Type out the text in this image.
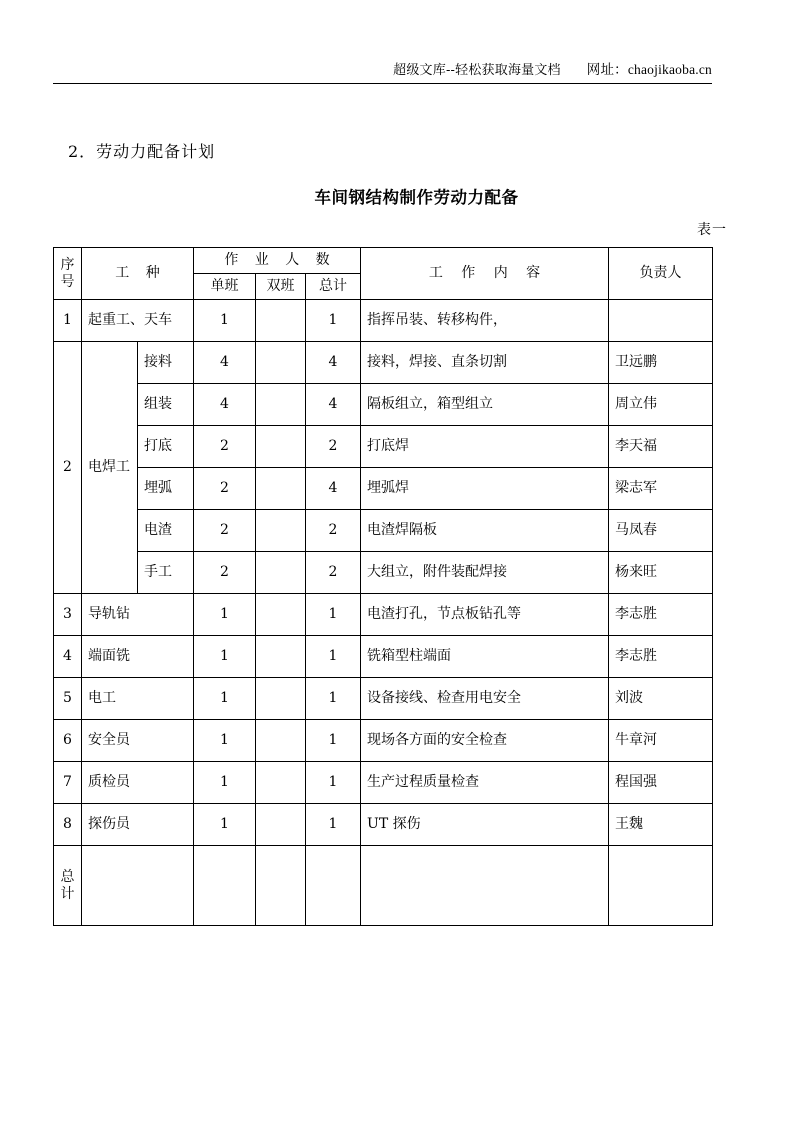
超级文库--轻松获取海量文档 网址：chaojikaoba.cn
2．劳动力配备计划
车间钢结构制作劳动力配备
表一
序
号	工 种		作 业 人 数			工 作 内 容	负责人
			单班	双班	总计		
1	起重工、天车		1		1	指挥吊装、转移构件，	
2	电焊工	接料	4		4	接料，焊接、直条切割	卫远鹏
		组装	4		4	隔板组立，箱型组立	周立伟
		打底	2		2	打底焊	李天福
		埋弧	2		4	埋弧焊	梁志军
		电渣	2		2	电渣焊隔板	马凤春
		手工	2		2	大组立，附件装配焊接	杨来旺
3	导轨钻		1		1	电渣打孔，节点板钻孔等	李志胜
4	端面铣		1		1	铣箱型柱端面	李志胜
5	电工		1		1	设备接线、检查用电安全	刘波
6	安全员		1		1	现场各方面的安全检查	牛章河
7	质检员		1		1	生产过程质量检查	程国强
8	探伤员		1		1	UT 探伤	王魏

总
计							
